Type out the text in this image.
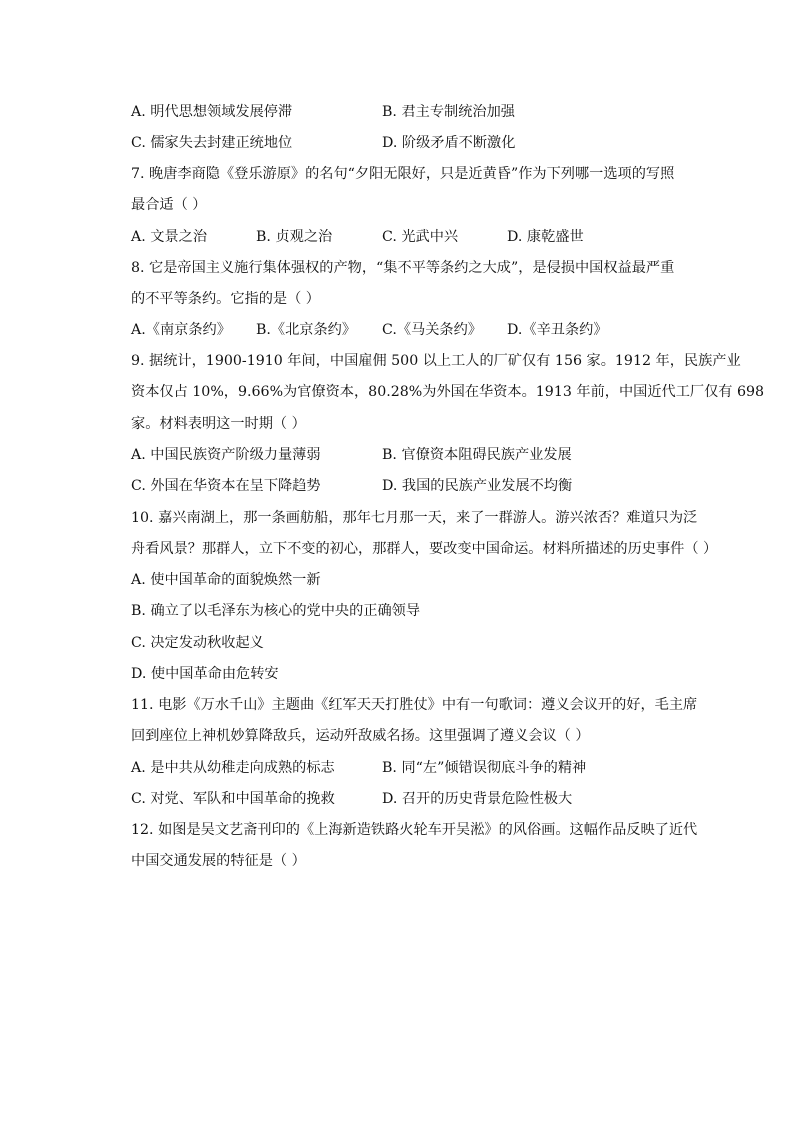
A. 明代思想领域发展停滞	B. 君主专制统治加强
C. 儒家失去封建正统地位	D. 阶级矛盾不断激化
7. 晚唐李商隐《登乐游原》的名句“夕阳无限好，只是近黄昏”作为下列哪一选项的写照
最合适（ ）
A. 文景之治	B. 贞观之治	C. 光武中兴	D. 康乾盛世
8. 它是帝国主义施行集体强权的产物，“集不平等条约之大成”，是侵损中国权益最严重
的不平等条约。它指的是（ ）
A.《南京条约》 B.《北京条约》 C.《马关条约》 D.《辛丑条约》
9. 据统计，1900-1910 年间，中国雇佣 500 以上工人的厂矿仅有 156 家。1912 年，民族产业
资本仅占 10%，9.66%为官僚资本，80.28%为外国在华资本。1913 年前，中国近代工厂仅有 698
家。材料表明这一时期（ ）
A. 中国民族资产阶级力量薄弱	B. 官僚资本阻碍民族产业发展
C. 外国在华资本在呈下降趋势	D. 我国的民族产业发展不均衡
10. 嘉兴南湖上，那一条画舫船，那年七月那一天，来了一群游人。游兴浓否？难道只为泛
舟看风景？那群人，立下不变的初心，那群人，要改变中国命运。材料所描述的历史事件（ ）
A. 使中国革命的面貌焕然一新
B. 确立了以毛泽东为核心的党中央的正确领导
C. 决定发动秋收起义
D. 使中国革命由危转安
11. 电影《万水千山》主题曲《红军天天打胜仗》中有一句歌词：遵义会议开的好，毛主席
回到座位上神机妙算降敌兵，运动歼敌威名扬。这里强调了遵义会议（ ）
A. 是中共从幼稚走向成熟的标志	B. 同“左”倾错误彻底斗争的精神
C. 对党、军队和中国革命的挽救	D. 召开的历史背景危险性极大
12. 如图是吴文艺斋刊印的《上海新造铁路火轮车开吴淞》的风俗画。这幅作品反映了近代
中国交通发展的特征是（ ）
